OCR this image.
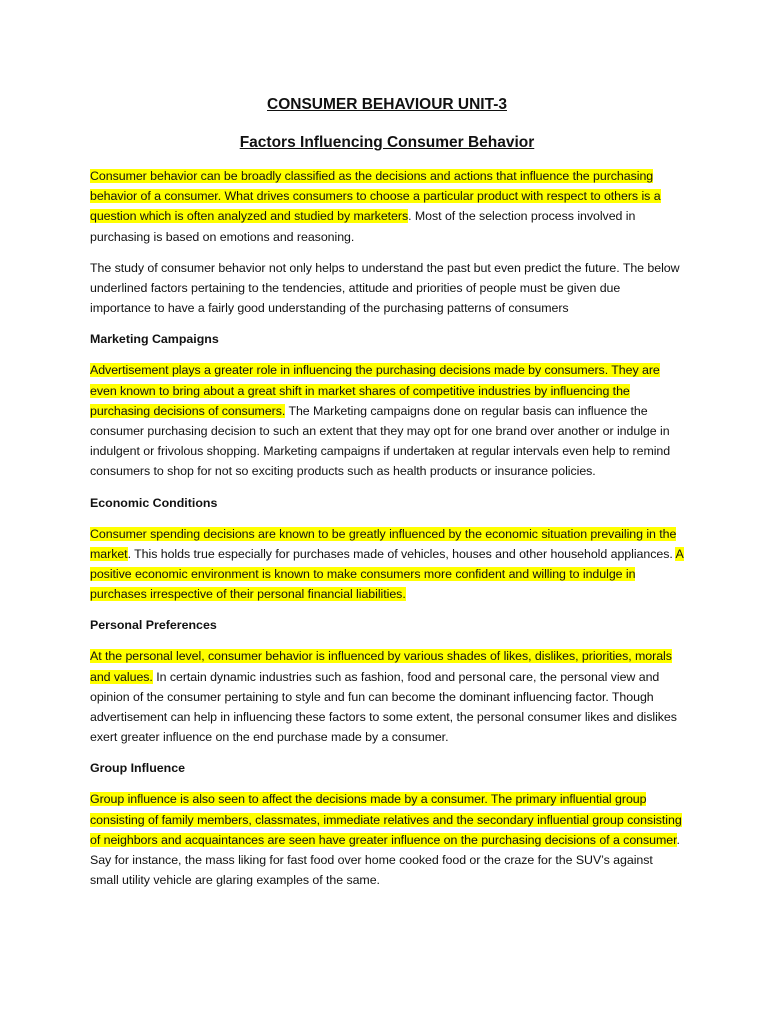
CONSUMER BEHAVIOUR UNIT-3
Factors Influencing Consumer Behavior

Consumer behavior can be broadly classified as the decisions and actions that influence the purchasing behavior of a consumer. What drives consumers to choose a particular product with respect to others is a question which is often analyzed and studied by marketers. Most of the selection process involved in purchasing is based on emotions and reasoning.

The study of consumer behavior not only helps to understand the past but even predict the future. The below underlined factors pertaining to the tendencies, attitude and priorities of people must be given due importance to have a fairly good understanding of the purchasing patterns of consumers

Marketing Campaigns

Advertisement plays a greater role in influencing the purchasing decisions made by consumers. They are even known to bring about a great shift in market shares of competitive industries by influencing the purchasing decisions of consumers. The Marketing campaigns done on regular basis can influence the consumer purchasing decision to such an extent that they may opt for one brand over another or indulge in indulgent or frivolous shopping. Marketing campaigns if undertaken at regular intervals even help to remind consumers to shop for not so exciting products such as health products or insurance policies.

Economic Conditions

Consumer spending decisions are known to be greatly influenced by the economic situation prevailing in the market. This holds true especially for purchases made of vehicles, houses and other household appliances. A positive economic environment is known to make consumers more confident and willing to indulge in purchases irrespective of their personal financial liabilities.

Personal Preferences

At the personal level, consumer behavior is influenced by various shades of likes, dislikes, priorities, morals and values. In certain dynamic industries such as fashion, food and personal care, the personal view and opinion of the consumer pertaining to style and fun can become the dominant influencing factor. Though advertisement can help in influencing these factors to some extent, the personal consumer likes and dislikes exert greater influence on the end purchase made by a consumer.

Group Influence

Group influence is also seen to affect the decisions made by a consumer. The primary influential group consisting of family members, classmates, immediate relatives and the secondary influential group consisting of neighbors and acquaintances are seen have greater influence on the purchasing decisions of a consumer. Say for instance, the mass liking for fast food over home cooked food or the craze for the SUV’s against small utility vehicle are glaring examples of the same.
